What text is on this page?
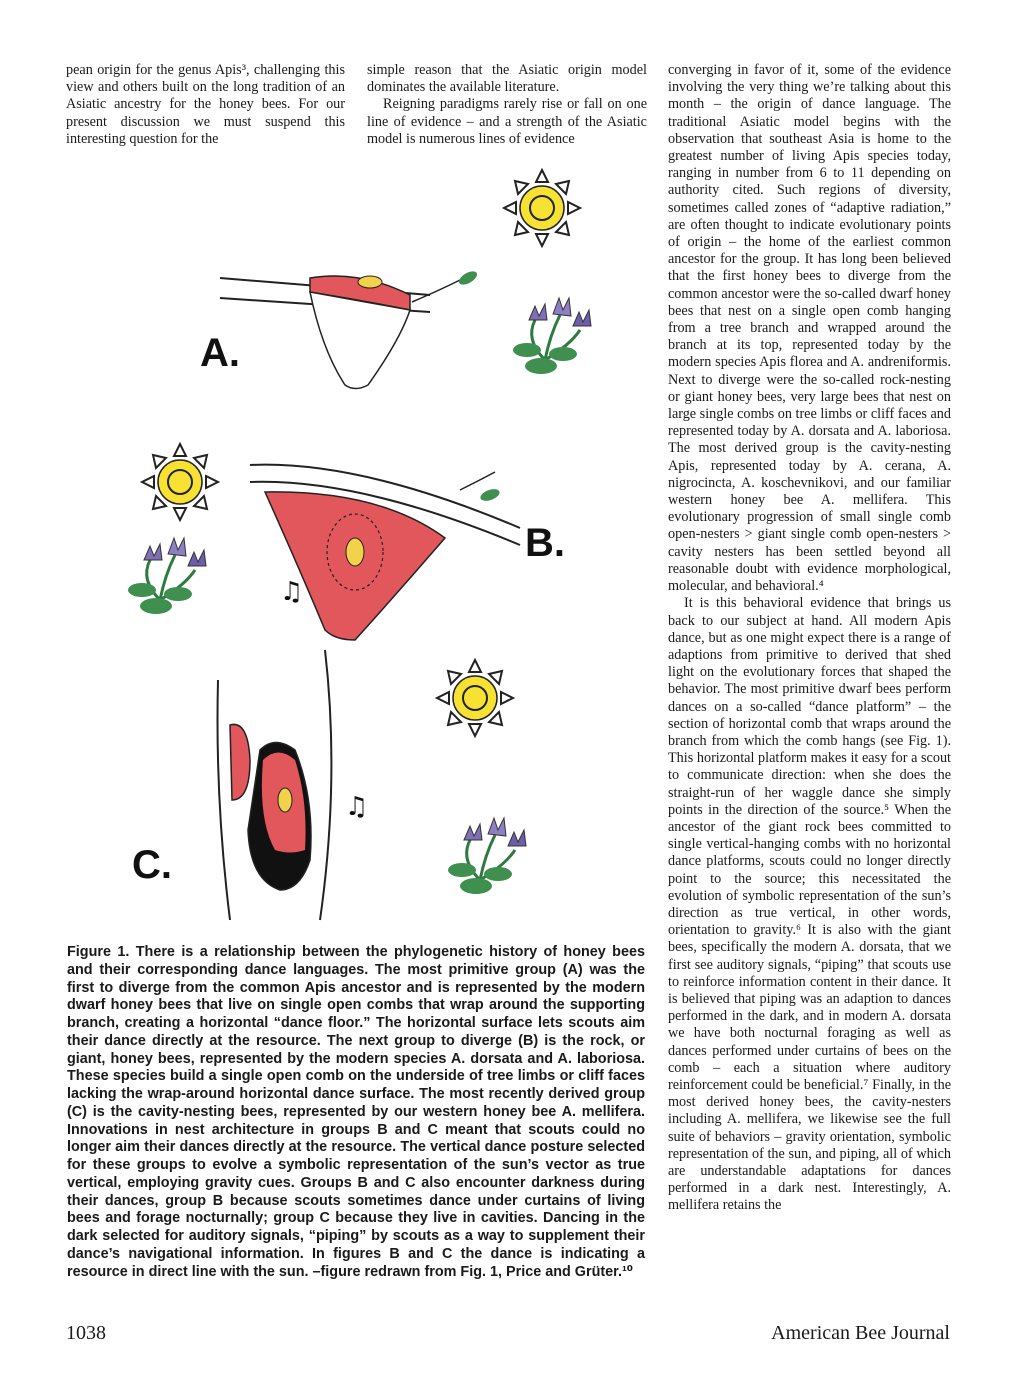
pean origin for the genus Apis³, challenging this view and others built on the long tradition of an Asiatic ancestry for the honey bees. For our present discussion we must suspend this interesting question for the

simple reason that the Asiatic origin model dominates the available literature.

Reigning paradigms rarely rise or fall on one line of evidence – and a strength of the Asiatic model is numerous lines of evidence

converging in favor of it, some of the evidence involving the very thing we’re talking about this month – the origin of dance language. The traditional Asiatic model begins with the observation that southeast Asia is home to the greatest number of living Apis species today, ranging in number from 6 to 11 depending on authority cited. Such regions of diversity, sometimes called zones of “adaptive radiation,” are often thought to indicate evolutionary points of origin – the home of the earliest common ancestor for the group. It has long been believed that the first honey bees to diverge from the common ancestor were the so-called dwarf honey bees that nest on a single open comb hanging from a tree branch and wrapped around the branch at its top, represented today by the modern species Apis florea and A. andreniformis. Next to diverge were the so-called rock-nesting or giant honey bees, very large bees that nest on large single combs on tree limbs or cliff faces and represented today by A. dorsata and A. laboriosa. The most derived group is the cavity-nesting Apis, represented today by A. cerana, A. nigrocincta, A. koschevnikovi, and our familiar western honey bee A. mellifera. This evolutionary progression of small single comb open-nesters > giant single comb open-nesters > cavity nesters has been settled beyond all reasonable doubt with evidence morphological, molecular, and behavioral.⁴

It is this behavioral evidence that brings us back to our subject at hand. All modern Apis dance, but as one might expect there is a range of adaptions from primitive to derived that shed light on the evolutionary forces that shaped the behavior. The most primitive dwarf bees perform dances on a so-called “dance platform” – the section of horizontal comb that wraps around the branch from which the comb hangs (see Fig. 1). This horizontal platform makes it easy for a scout to communicate direction: when she does the straight-run of her waggle dance she simply points in the direction of the source.⁵ When the ancestor of the giant rock bees committed to single vertical-hanging combs with no horizontal dance platforms, scouts could no longer directly point to the source; this necessitated the evolution of symbolic representation of the sun’s direction as true vertical, in other words, orientation to gravity.⁶ It is also with the giant bees, specifically the modern A. dorsata, that we first see auditory signals, “piping” that scouts use to reinforce information content in their dance. It is believed that piping was an adaption to dances performed in the dark, and in modern A. dorsata we have both nocturnal foraging as well as dances performed under curtains of bees on the comb – each a situation where auditory reinforcement could be beneficial.⁷ Finally, in the most derived honey bees, the cavity-nesters including A. mellifera, we likewise see the full suite of behaviors – gravity orientation, symbolic representation of the sun, and piping, all of which are understandable adaptations for dances performed in a dark nest. Interestingly, A. mellifera retains the

♫
♫
A.
B.
C.
Figure 1. There is a relationship between the phylogenetic history of honey bees and their corresponding dance languages. The most primitive group (A) was the first to diverge from the common Apis ancestor and is represented by the modern dwarf honey bees that live on single open combs that wrap around the supporting branch, creating a horizontal “dance floor.” The horizontal surface lets scouts aim their dance directly at the resource. The next group to diverge (B) is the rock, or giant, honey bees, represented by the modern species A. dorsata and A. laboriosa. These species build a single open comb on the underside of tree limbs or cliff faces lacking the wrap-around horizontal dance surface. The most recently derived group (C) is the cavity-nesting bees, represented by our western honey bee A. mellifera. Innovations in nest architecture in groups B and C meant that scouts could no longer aim their dances directly at the resource. The vertical dance posture selected for these groups to evolve a symbolic representation of the sun’s vector as true vertical, employing gravity cues. Groups B and C also encounter darkness during their dances, group B because scouts sometimes dance under curtains of living bees and forage nocturnally; group C because they live in cavities. Dancing in the dark selected for auditory signals, “piping” by scouts as a way to supplement their dance’s navigational information. In figures B and C the dance is indicating a resource in direct line with the sun. –figure redrawn from Fig. 1, Price and Grüter.¹⁰
1038	American Bee Journal
